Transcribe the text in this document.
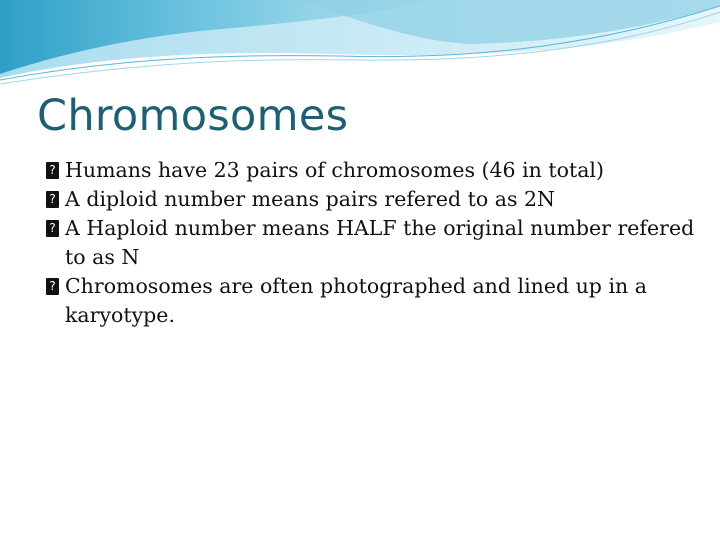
Chromosomes
? Humans have 23 pairs of chromosomes (46 in total)
? A diploid number means pairs refered to as 2N
? A Haploid number means HALF the original number refered to as N
? Chromosomes are often photographed and lined up in a karyotype.
